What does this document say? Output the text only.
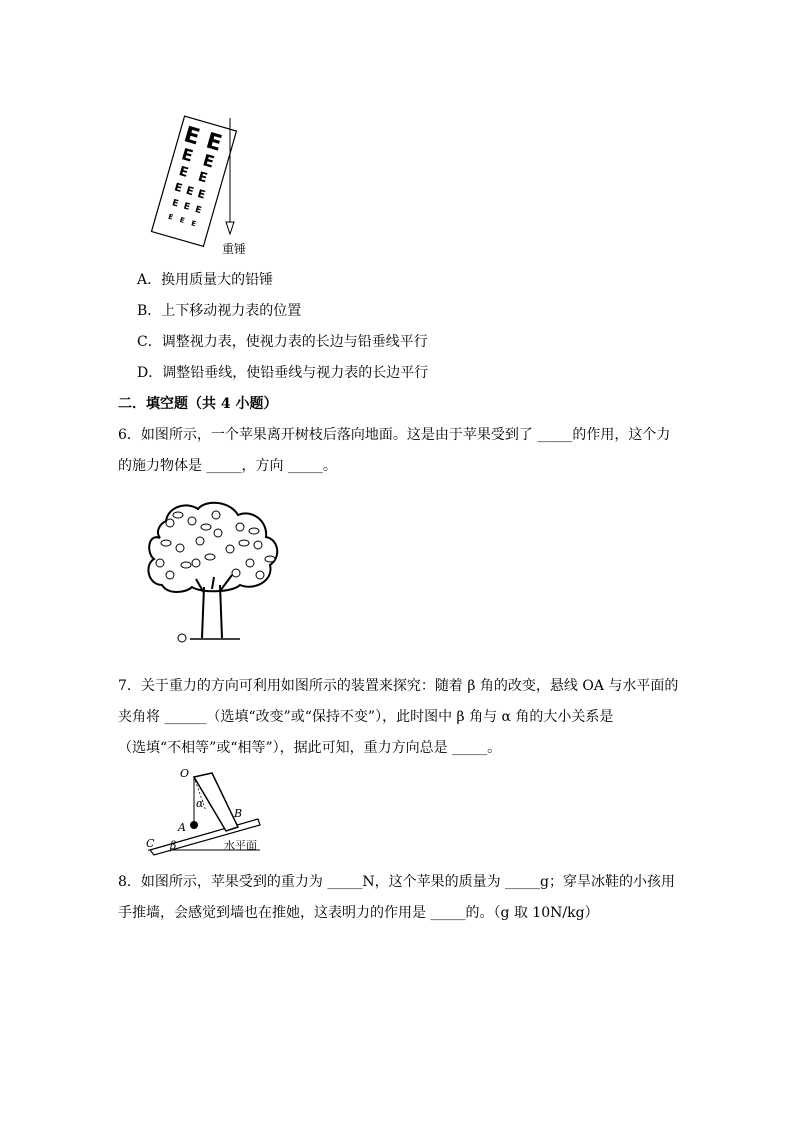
E E
E E
E E
E E E
E E E
E E E
重锤
A．换用质量大的铅锤
B．上下移动视力表的位置
C．调整视力表，使视力表的长边与铅垂线平行
D．调整铅垂线，使铅垂线与视力表的长边平行
二．填空题（共 4 小题）
6．如图所示，一个苹果离开树枝后落向地面。这是由于苹果受到了 _____的作用，这个力
的施力物体是 _____，方向 _____。
7．关于重力的方向可利用如图所示的装置来探究：随着 β 角的改变，悬线 OA 与水平面的
夹角将 ______（选填“改变”或“保持不变”），此时图中 β 角与 α 角的大小关系是
（选填“不相等”或“相等”），据此可知，重力方向总是 _____。
O
α
A
B
C β	水平面
8．如图所示，苹果受到的重力为 _____N，这个苹果的质量为 _____g；穿旱冰鞋的小孩用
手推墙，会感觉到墙也在推她，这表明力的作用是 _____的。（g 取 10N/kg）
